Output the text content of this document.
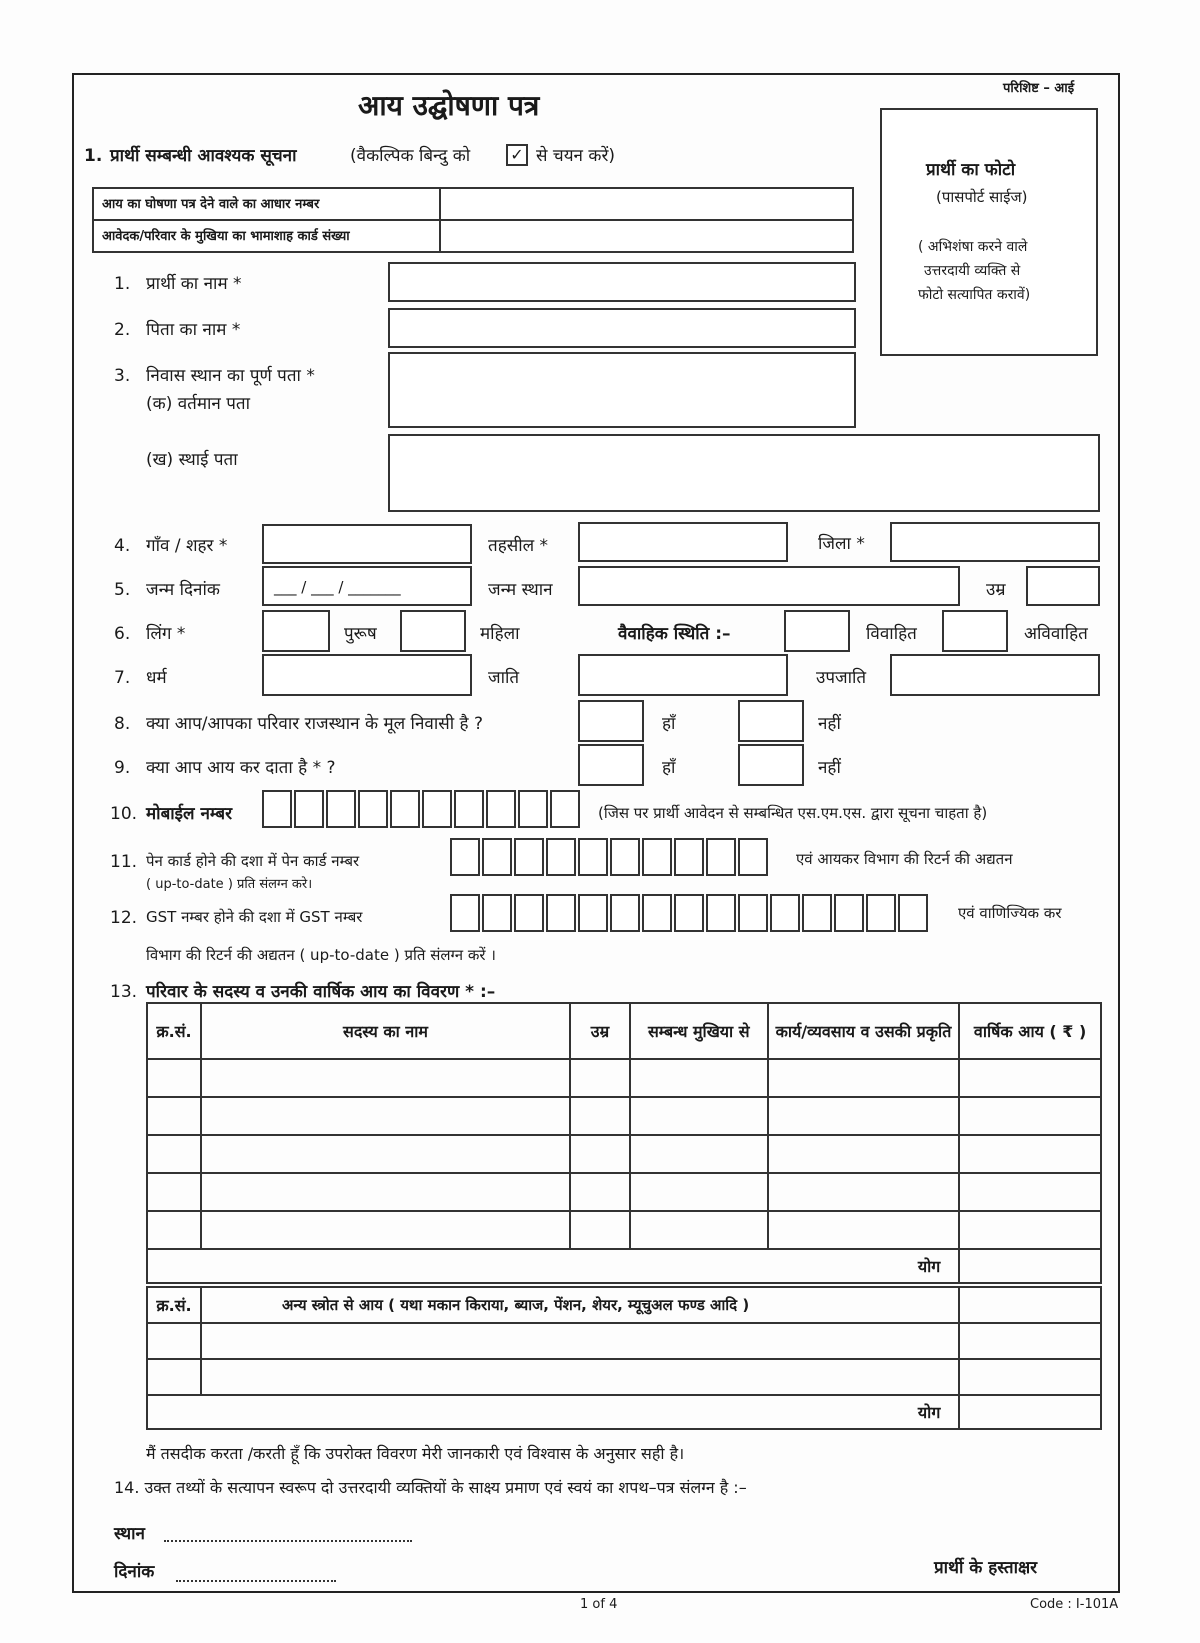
परिशिष्ट – आई
आय उद्घोषणा पत्र
प्रार्थी का फोटो
(पासपोर्ट साईज)
( अभिशंषा करने वाले
उत्तरदायी व्यक्ति से
फोटो सत्यापित करावें)
1. प्रार्थी सम्बन्धी आवश्यक सूचना	(वैकल्पिक बिन्दु को	✓ से चयन करें)
आय का घोषणा पत्र देने वाले का आधार नम्बर
आवेदक/परिवार के मुखिया का भामाशाह कार्ड संख्या
1. प्रार्थी का नाम *
2. पिता का नाम *
3. निवास स्थान का पूर्ण पता *
(क) वर्तमान पता
(ख) स्थाई पता
4. गाँव / शहर *	तहसील *	जिला *
5. जन्म दिनांक	___ / ___ / _______	जन्म स्थान	उम्र
6. लिंग *	पुरूष	महिला	वैवाहिक स्थिति :–	विवाहित	अविवाहित
7. धर्म	जाति	उपजाति
8. क्या आप/आपका परिवार राजस्थान के मूल निवासी है ?	हाँ	नहीं
9. क्या आप आय कर दाता है * ?	हाँ	नहीं
10. मोबाईल नम्बर	(जिस पर प्रार्थी आवेदन से सम्बन्धित एस.एम.एस. द्वारा सूचना चाहता है)
11. पेन कार्ड होने की दशा में पेन कार्ड नम्बर	एवं आयकर विभाग की रिटर्न की अद्यतन
( up-to-date ) प्रति संलग्न करे।
12. GST नम्बर होने की दशा में GST नम्बर	एवं वाणिज्यिक कर
विभाग की रिटर्न की अद्यतन ( up-to-date ) प्रति संलग्न करें ।
13. परिवार के सदस्य व उनकी वार्षिक आय का विवरण * :–
क्र.सं.	सदस्य का नाम	उम्र	सम्बन्ध मुखिया से	कार्य/व्यवसाय व उसकी प्रकृति	वार्षिक आय ( ₹ )

योग					
क्र.सं.	अन्य स्त्रोत से आय ( यथा मकान किराया, ब्याज, पेंशन, शेयर, म्यूचुअल फण्ड आदि )	

योग		
मैं तसदीक करता /करती हूँ कि उपरोक्त विवरण मेरी जानकारी एवं विश्वास के अनुसार सही है।
14. उक्त तथ्यों के सत्यापन स्वरूप दो उत्तरदायी व्यक्तियों के साक्ष्य प्रमाण एवं स्वयं का शपथ–पत्र संलग्न है :–
स्थान
दिनांक	प्रार्थी के हस्ताक्षर
1 of 4	Code : I-101A
